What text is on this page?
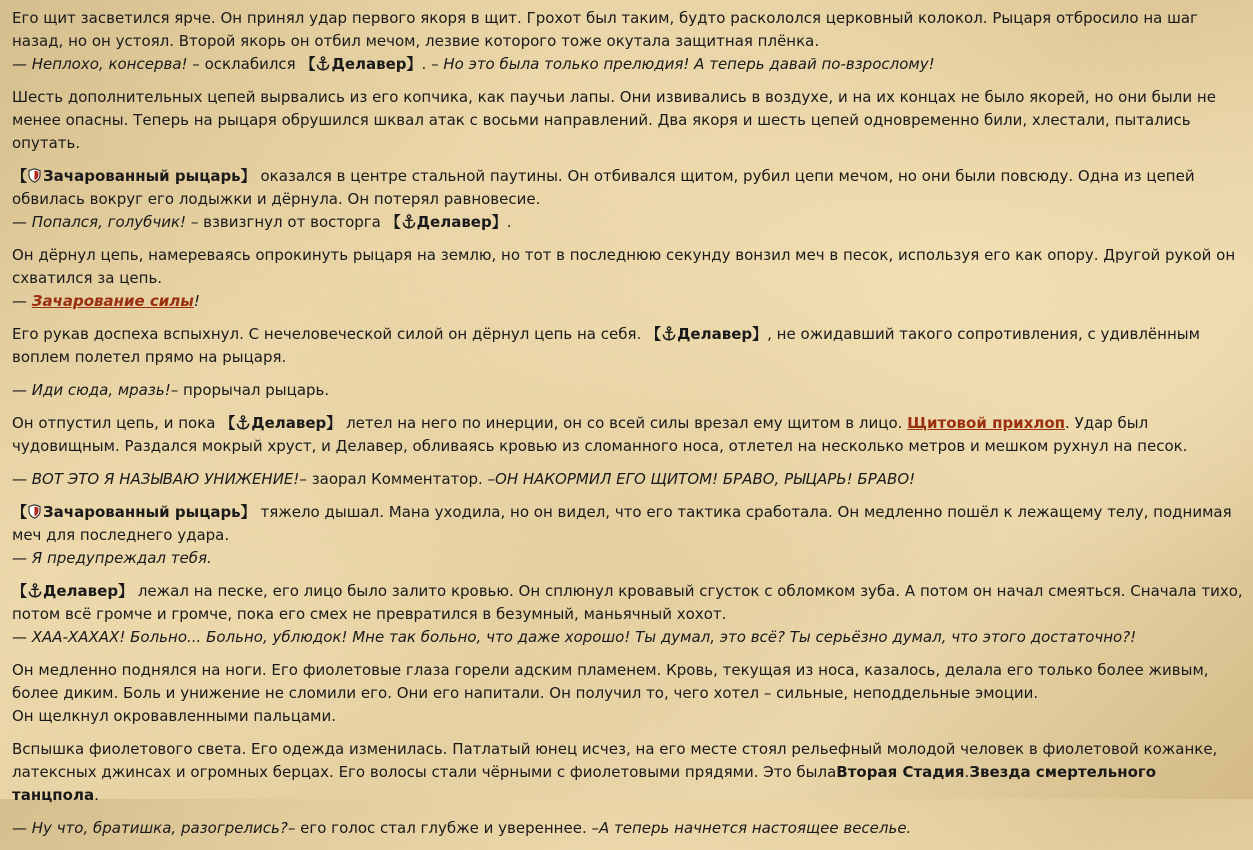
Его щит засветился ярче. Он принял удар первого якоря в щит. Грохот был таким, будто раскололся церковный колокол. Рыцаря отбросило на шаг назад, но он устоял. Второй якорь он отбил мечом, лезвие которого тоже окутала защитная плёнка.
— Неплохо, консерва! – осклабился 【 Делавер】. – Но это была только прелюдия! А теперь давай по-взрослому!

Шесть дополнительных цепей вырвались из его копчика, как паучьи лапы. Они извивались в воздухе, и на их концах не было якорей, но они были не менее опасны. Теперь на рыцаря обрушился шквал атак с восьми направлений. Два якоря и шесть цепей одновременно били, хлестали, пытались опутать.

【 Зачарованный рыцарь】 оказался в центре стальной паутины. Он отбивался щитом, рубил цепи мечом, но они были повсюду. Одна из цепей обвилась вокруг его лодыжки и дёрнула. Он потерял равновесие.
— Попался, голубчик! – взвизгнул от восторга 【 Делавер】.

Он дёрнул цепь, намереваясь опрокинуть рыцаря на землю, но тот в последнюю секунду вонзил меч в песок, используя его как опору. Другой рукой он схватился за цепь.
— Зачарование силы!

Его рукав доспеха вспыхнул. С нечеловеческой силой он дёрнул цепь на себя. 【 Делавер】, не ожидавший такого сопротивления, с удивлённым воплем полетел прямо на рыцаря.

— Иди сюда, мразь!– прорычал рыцарь.

Он отпустил цепь, и пока 【 Делавер】 летел на него по инерции, он со всей силы врезал ему щитом в лицо. Щитовой прихлоп. Удар был чудовищным. Раздался мокрый хруст, и Делавер, обливаясь кровью из сломанного носа, отлетел на несколько метров и мешком рухнул на песок.

— ВОТ ЭТО Я НАЗЫВАЮ УНИЖЕНИЕ!– заорал Комментатор. –ОН НАКОРМИЛ ЕГО ЩИТОМ! БРАВО, РЫЦАРЬ! БРАВО!

【 Зачарованный рыцарь】 тяжело дышал. Мана уходила, но он видел, что его тактика сработала. Он медленно пошёл к лежащему телу, поднимая меч для последнего удара.
— Я предупреждал тебя.

【 Делавер】 лежал на песке, его лицо было залито кровью. Он сплюнул кровавый сгусток с обломком зуба. А потом он начал смеяться. Сначала тихо, потом всё громче и громче, пока его смех не превратился в безумный, маньячный хохот.
— ХАА-ХАХАХ! Больно... Больно, ублюдок! Мне так больно, что даже хорошо! Ты думал, это всё? Ты серьёзно думал, что этого достаточно?!

Он медленно поднялся на ноги. Его фиолетовые глаза горели адским пламенем. Кровь, текущая из носа, казалось, делала его только более живым, более диким. Боль и унижение не сломили его. Они его напитали. Он получил то, чего хотел – сильные, неподдельные эмоции.
Он щелкнул окровавленными пальцами.

Вспышка фиолетового света. Его одежда изменилась. Патлатый юнец исчез, на его месте стоял рельефный молодой человек в фиолетовой кожанке, латексных джинсах и огромных берцах. Его волосы стали чёрными с фиолетовыми прядями. Это былаВторая Стадия.Звезда смертельного танцпола.

— Ну что, братишка, разогрелись?– его голос стал глубже и увереннее. –А теперь начнется настоящее веселье.
